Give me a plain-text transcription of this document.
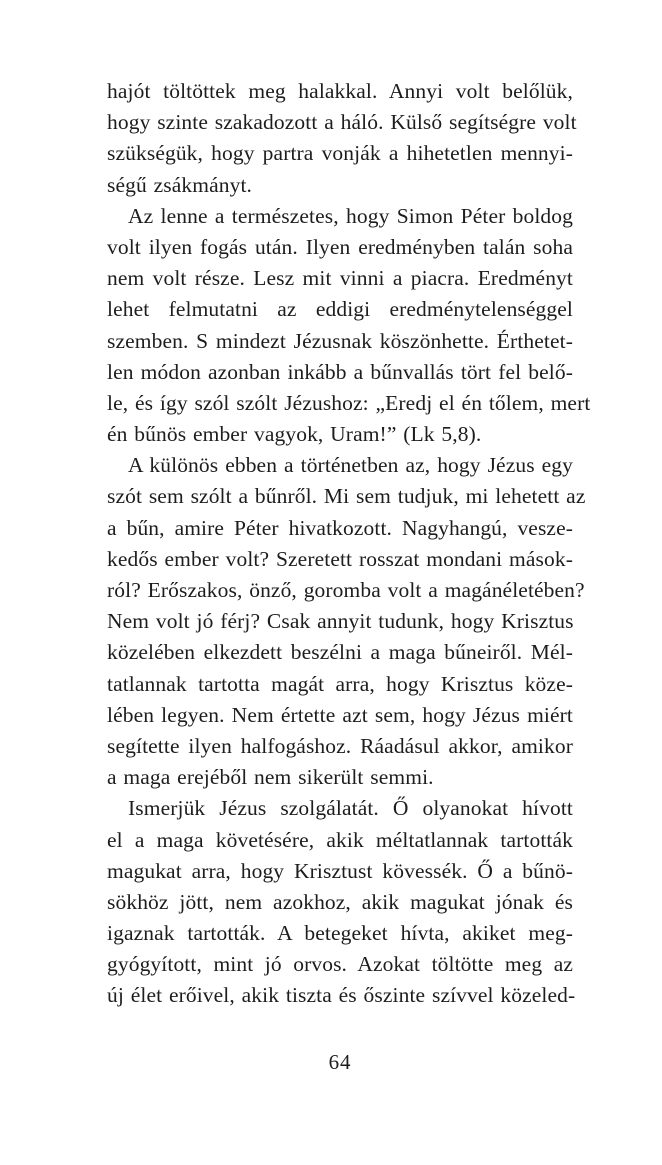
hajót töltöttek meg halakkal. Annyi volt belőlük,
hogy szinte szakadozott a háló. Külső segítségre volt
szükségük, hogy partra vonják a hihetetlen mennyi-
ségű zsákmányt.
Az lenne a természetes, hogy Simon Péter boldog
volt ilyen fogás után. Ilyen eredményben talán soha
nem volt része. Lesz mit vinni a piacra. Eredményt
lehet felmutatni az eddigi eredménytelenséggel
szemben. S mindezt Jézusnak köszönhette. Érthetet-
len módon azonban inkább a bűnvallás tört fel belő-
le, és így szól szólt Jézushoz: „Eredj el én tőlem, mert
én bűnös ember vagyok, Uram!” (Lk 5,8).
A különös ebben a történetben az, hogy Jézus egy
szót sem szólt a bűnről. Mi sem tudjuk, mi lehetett az
a bűn, amire Péter hivatkozott. Nagyhangú, vesze-
kedős ember volt? Szeretett rosszat mondani mások-
ról? Erőszakos, önző, goromba volt a magánéletében?
Nem volt jó férj? Csak annyit tudunk, hogy Krisztus
közelében elkezdett beszélni a maga bűneiről. Mél-
tatlannak tartotta magát arra, hogy Krisztus köze-
lében legyen. Nem értette azt sem, hogy Jézus miért
segítette ilyen halfogáshoz. Ráadásul akkor, amikor
a maga erejéből nem sikerült semmi.
Ismerjük Jézus szolgálatát. Ő olyanokat hívott
el a maga követésére, akik méltatlannak tartották
magukat arra, hogy Krisztust kövessék. Ő a bűnö-
sökhöz jött, nem azokhoz, akik magukat jónak és
igaznak tartották. A betegeket hívta, akiket meg-
gyógyított, mint jó orvos. Azokat töltötte meg az
új élet erőivel, akik tiszta és őszinte szívvel közeled-
64
